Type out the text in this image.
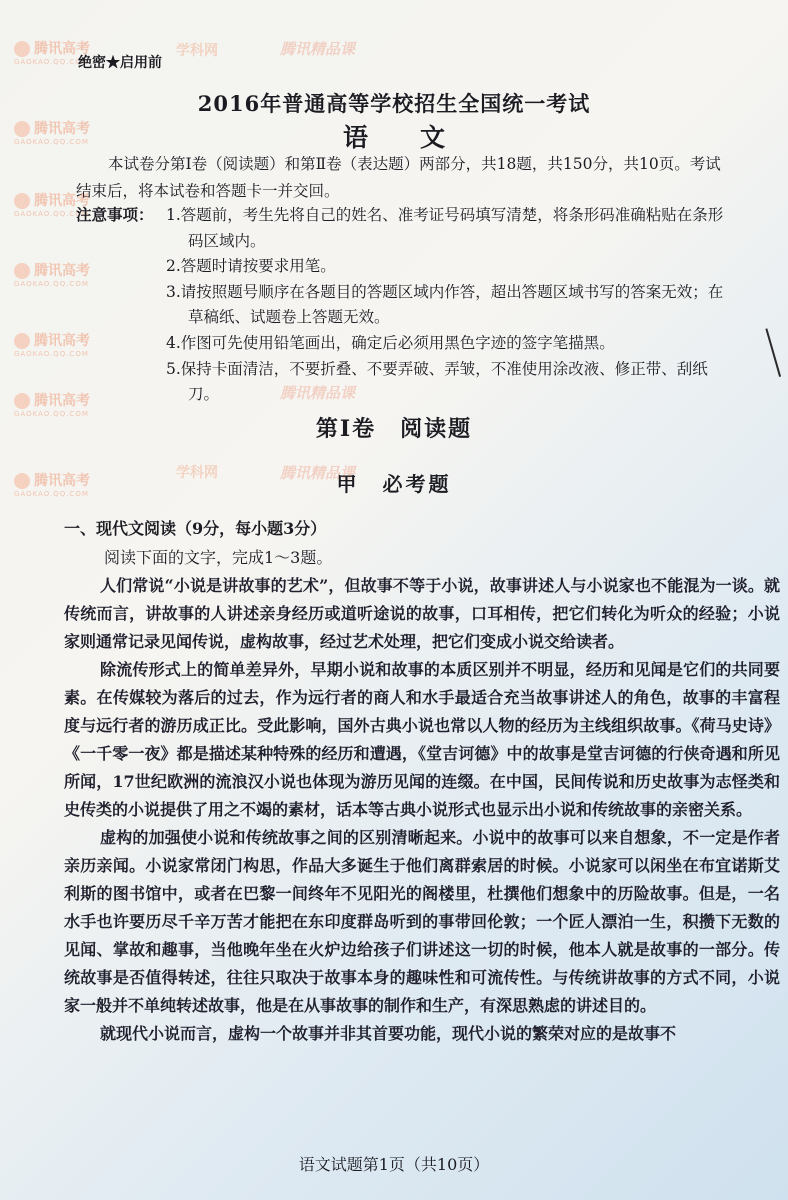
腾讯高考
GAOKAO.QQ.COM
腾讯高考
GAOKAO.QQ.COM
腾讯高考
GAOKAO.QQ.COM
腾讯高考
GAOKAO.QQ.COM
腾讯高考
GAOKAO.QQ.COM
腾讯高考
GAOKAO.QQ.COM
腾讯高考
GAOKAO.QQ.COM
学科网
学科网
腾讯精品课
腾讯精品课
腾讯精品课
绝密★启用前
2016年普通高等学校招生全国统一考试
语文
本试卷分第Ⅰ卷（阅读题）和第Ⅱ卷（表达题）两部分，共18题，共150分，共10页。考试结束后，将本试卷和答题卡一并交回。
注意事项： 1.答题前，考生先将自己的姓名、准考证号码填写清楚，将条形码准确粘贴在条形码区域内。
2.答题时请按要求用笔。
3.请按照题号顺序在各题目的答题区域内作答，超出答题区域书写的答案无效；在草稿纸、试题卷上答题无效。
4.作图可先使用铅笔画出，确定后必须用黑色字迹的签字笔描黑。
5.保持卡面清洁，不要折叠、不要弄破、弄皱，不准使用涂改液、修正带、刮纸刀。
第Ⅰ卷　阅读题
甲　必考题
一、现代文阅读（9分，每小题3分）
阅读下面的文字，完成1～3题。

人们常说“小说是讲故事的艺术”，但故事不等于小说，故事讲述人与小说家也不能混为一谈。就传统而言，讲故事的人讲述亲身经历或道听途说的故事，口耳相传，把它们转化为听众的经验；小说家则通常记录见闻传说，虚构故事，经过艺术处理，把它们变成小说交给读者。

除流传形式上的简单差异外，早期小说和故事的本质区别并不明显，经历和见闻是它们的共同要素。在传媒较为落后的过去，作为远行者的商人和水手最适合充当故事讲述人的角色，故事的丰富程度与远行者的游历成正比。受此影响，国外古典小说也常以人物的经历为主线组织故事。《荷马史诗》《一千零一夜》都是描述某种特殊的经历和遭遇，《堂吉诃德》中的故事是堂吉诃德的行侠奇遇和所见所闻，17世纪欧洲的流浪汉小说也体现为游历见闻的连缀。在中国，民间传说和历史故事为志怪类和史传类的小说提供了用之不竭的素材，话本等古典小说形式也显示出小说和传统故事的亲密关系。

虚构的加强使小说和传统故事之间的区别清晰起来。小说中的故事可以来自想象，不一定是作者亲历亲闻。小说家常闭门构思，作品大多诞生于他们离群索居的时候。小说家可以闲坐在布宜诺斯艾利斯的图书馆中，或者在巴黎一间终年不见阳光的阁楼里，杜撰他们想象中的历险故事。但是，一名水手也许要历尽千辛万苦才能把在东印度群岛听到的事带回伦敦；一个匠人漂泊一生，积攒下无数的见闻、掌故和趣事，当他晚年坐在火炉边给孩子们讲述这一切的时候，他本人就是故事的一部分。传统故事是否值得转述，往往只取决于故事本身的趣味性和可流传性。与传统讲故事的方式不同，小说家一般并不单纯转述故事，他是在从事故事的制作和生产，有深思熟虑的讲述目的。

就现代小说而言，虚构一个故事并非其首要功能，现代小说的繁荣对应的是故事不

语文试题第1页（共10页）
